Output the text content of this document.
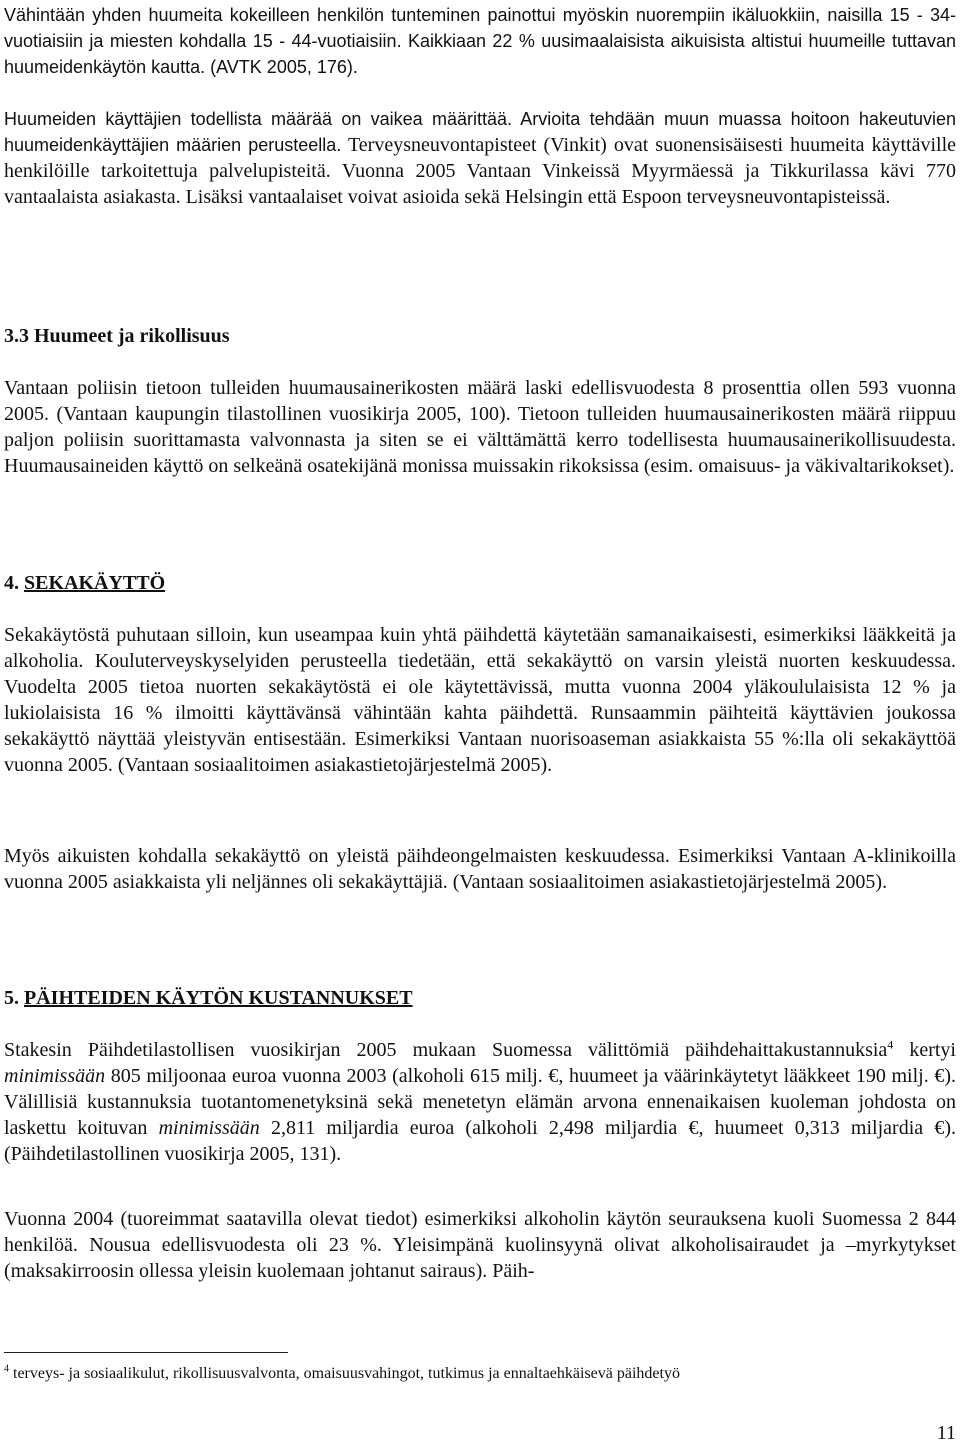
Vähintään yhden huumeita kokeilleen henkilön tunteminen painottui myöskin nuorempiin ikäluokkiin, naisilla 15 - 34-vuotiaisiin ja miesten kohdalla 15 - 44-vuotiaisiin. Kaikkiaan 22 % uusimaalaisista aikuisista altistui huumeille tuttavan huumeidenkäytön kautta. (AVTK 2005, 176).

Huumeiden käyttäjien todellista määrää on vaikea määrittää. Arvioita tehdään muun muassa hoitoon hakeutuvien huumeidenkäyttäjien määrien perusteella. Terveysneuvontapisteet (Vinkit) ovat suonensisäisesti huumeita käyttäville henkilöille tarkoitettuja palvelupisteitä. Vuonna 2005 Vantaan Vinkeissä Myyrmäessä ja Tikkurilassa kävi 770 vantaalaista asiakasta. Lisäksi vantaalaiset voivat asioida sekä Helsingin että Espoon terveysneuvontapisteissä.

3.3 Huumeet ja rikollisuus

Vantaan poliisin tietoon tulleiden huumausainerikosten määrä laski edellisvuodesta 8 prosenttia ollen 593 vuonna 2005. (Vantaan kaupungin tilastollinen vuosikirja 2005, 100). Tietoon tulleiden huumausainerikosten määrä riippuu paljon poliisin suorittamasta valvonnasta ja siten se ei välttämättä kerro todellisesta huumausainerikollisuudesta. Huumausaineiden käyttö on selkeänä osatekijänä monissa muissakin rikoksissa (esim. omaisuus- ja väkivaltarikokset).

4. SEKAKÄYTTÖ

Sekakäytöstä puhutaan silloin, kun useampaa kuin yhtä päihdettä käytetään samanaikaisesti, esimerkiksi lääkkeitä ja alkoholia. Kouluterveyskyselyiden perusteella tiedetään, että sekakäyttö on varsin yleistä nuorten keskuudessa. Vuodelta 2005 tietoa nuorten sekakäytöstä ei ole käytettävissä, mutta vuonna 2004 yläkoululaisista 12 % ja lukiolaisista 16 % ilmoitti käyttävänsä vähintään kahta päihdettä. Runsaammin päihteitä käyttävien joukossa sekakäyttö näyttää yleistyvän entisestään. Esimerkiksi Vantaan nuorisoaseman asiakkaista 55 %:lla oli sekakäyttöä vuonna 2005. (Vantaan sosiaalitoimen asiakastietojärjestelmä 2005).

Myös aikuisten kohdalla sekakäyttö on yleistä päihdeongelmaisten keskuudessa. Esimerkiksi Vantaan A-klinikoilla vuonna 2005 asiakkaista yli neljännes oli sekakäyttäjiä. (Vantaan sosiaalitoimen asiakastietojärjestelmä 2005).

5. PÄIHTEIDEN KÄYTÖN KUSTANNUKSET

Stakesin Päihdetilastollisen vuosikirjan 2005 mukaan Suomessa välittömiä päihdehaittakustannuksia$^4$ kertyi minimissään 805 miljoonaa euroa vuonna 2003 (alkoholi 615 milj. €, huumeet ja väärinkäytetyt lääkkeet 190 milj. €). Välillisiä kustannuksia tuotantomenetyksinä sekä menetetyn elämän arvona ennenaikaisen kuoleman johdosta on laskettu koituvan minimissään 2,811 miljardia euroa (alkoholi 2,498 miljardia €, huumeet 0,313 miljardia €). (Päihdetilastollinen vuosikirja 2005, 131).

Vuonna 2004 (tuoreimmat saatavilla olevat tiedot) esimerkiksi alkoholin käytön seurauksena kuoli Suomessa 2 844 henkilöä. Nousua edellisvuodesta oli 23 %. Yleisimpänä kuolinsyynä olivat alkoholisairaudet ja –myrkytykset (maksakirroosin ollessa yleisin kuolemaan johtanut sairaus). Päih-

$^4$ terveys- ja sosiaalikulut, rikollisuusvalvonta, omaisuusvahingot, tutkimus ja ennaltaehkäisevä päihdetyö
11
